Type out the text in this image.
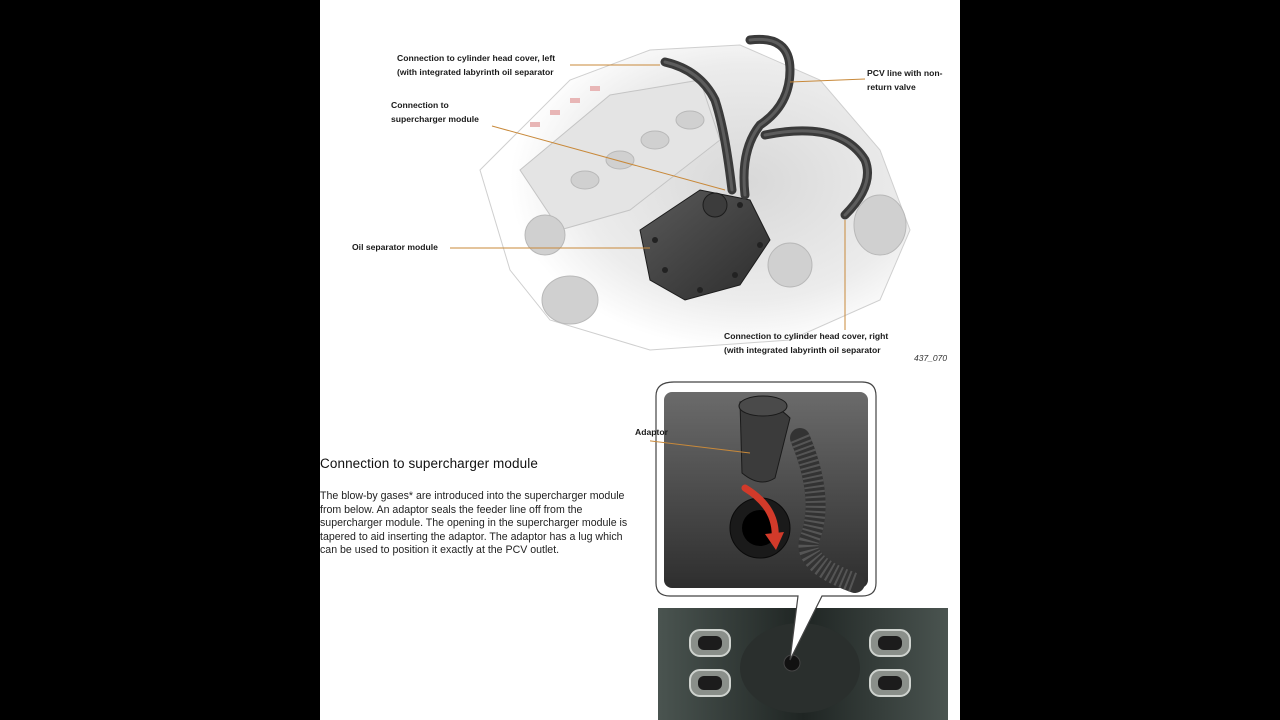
Connection to cylinder head cover, left
(with integrated labyrinth oil separator	PCV line with non-
return valve
Connection to
supercharger module
Oil separator module
Connection to cylinder head cover, right
(with integrated labyrinth oil separator
437_070
Adaptor
Connection to supercharger module

The blow-by gases* are introduced into the supercharger module from below. An adaptor seals the feeder line off from the supercharger module. The opening in the supercharger module is tapered to aid inserting the adaptor. The adaptor has a lug which can be used to position it exactly at the PCV outlet.
